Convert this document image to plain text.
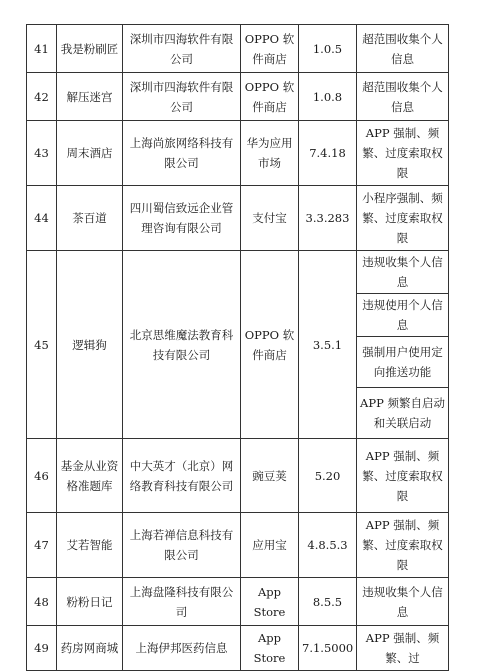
41	我是粉刷匠	深圳市四海软件有限公司	OPPO 软件商店	1.0.5	超范围收集个人信息
42	解压迷宫	深圳市四海软件有限公司	OPPO 软件商店	1.0.8	超范围收集个人信息
43	周末酒店	上海尚旅网络科技有限公司	华为应用市场	7.4.18	APP 强制、频繁、过度索取权限
44	茶百道	四川蜀信致远企业管理咨询有限公司	支付宝	3.3.283	小程序强制、频繁、过度索取权限
45	逻辑狗	北京思维魔法教育科技有限公司	OPPO 软件商店	3.5.1	违规收集个人信息
					违规使用个人信息
					强制用户使用定向推送功能
					APP 频繁自启动和关联启动
46	基金从业资格准题库	中大英才（北京）网络教育科技有限公司	豌豆荚	5.20	APP 强制、频繁、过度索取权限
47	艾若智能	上海若禅信息科技有限公司	应用宝	4.8.5.3	APP 强制、频繁、过度索取权限
48	粉粉日记	上海盘隆科技有限公司	App Store	8.5.5	违规收集个人信息
49	药房网商城	上海伊邦医药信息	App Store	7.1.5000	APP 强制、频繁、过
